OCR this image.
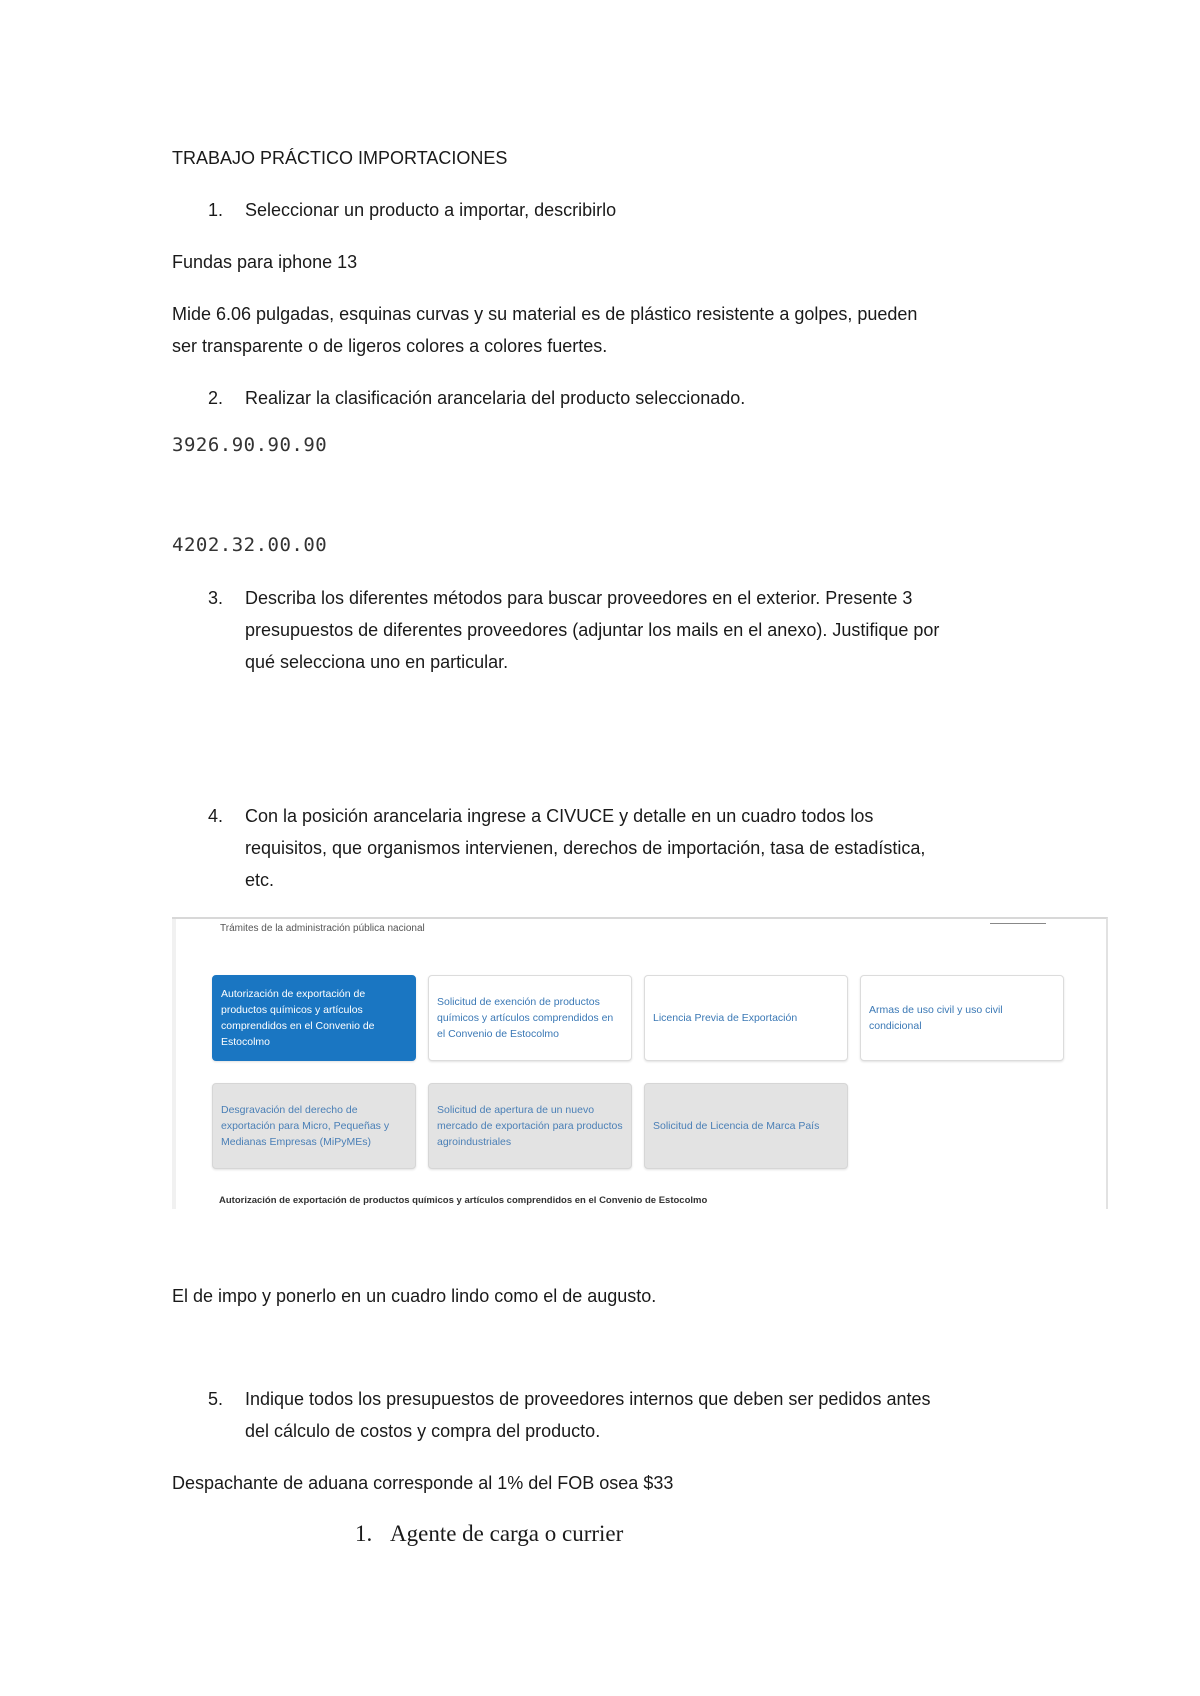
TRABAJO PRÁCTICO IMPORTACIONES
1. Seleccionar un producto a importar, describirlo
Fundas para iphone 13
Mide 6.06 pulgadas, esquinas curvas y su material es de plástico resistente a golpes, pueden
ser transparente o de ligeros colores a colores fuertes.
2. Realizar la clasificación arancelaria del producto seleccionado.
3926.90.90.90
4202.32.00.00
3. Describa los diferentes métodos para buscar proveedores en el exterior. Presente 3
presupuestos de diferentes proveedores (adjuntar los mails en el anexo). Justifique por
qué selecciona uno en particular.
4. Con la posición arancelaria ingrese a CIVUCE y detalle en un cuadro todos los
requisitos, que organismos intervienen, derechos de importación, tasa de estadística,
etc.
Trámites de la administración pública nacional
Autorización de exportación de productos químicos y artículos comprendidos en el Convenio de Estocolmo
Solicitud de exención de productos químicos y artículos comprendidos en el Convenio de Estocolmo
Licencia Previa de Exportación
Armas de uso civil y uso civil condicional
Desgravación del derecho de exportación para Micro, Pequeñas y Medianas Empresas (MiPyMEs)
Solicitud de apertura de un nuevo mercado de exportación para productos agroindustriales
Solicitud de Licencia de Marca País
Autorización de exportación de productos químicos y artículos comprendidos en el Convenio de Estocolmo
El de impo y ponerlo en un cuadro lindo como el de augusto.
5. Indique todos los presupuestos de proveedores internos que deben ser pedidos antes
del cálculo de costos y compra del producto.
Despachante de aduana corresponde al 1% del FOB osea $33
1. Agente de carga o currier
